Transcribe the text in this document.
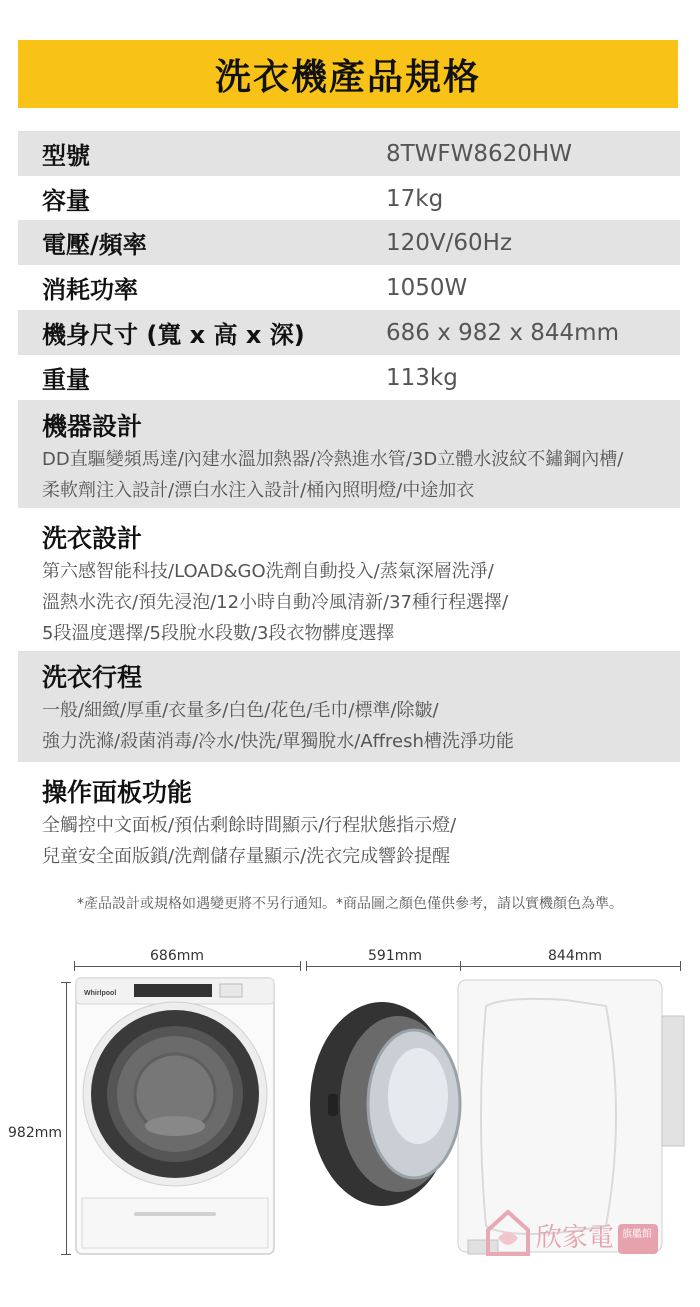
洗衣機產品規格
型號	8TWFW8620HW
容量	17kg
電壓/頻率	120V/60Hz
消耗功率	1050W
機身尺寸 (寬 x 高 x 深)	686 x 982 x 844mm
重量	113kg
機器設計
DD直驅變頻馬達/內建水溫加熱器/冷熱進水管/3D立體水波紋不鏽鋼內槽/
柔軟劑注入設計/漂白水注入設計/桶內照明燈/中途加衣
洗衣設計
第六感智能科技/LOAD&GO洗劑自動投入/蒸氣深層洗淨/
溫熱水洗衣/預先浸泡/12小時自動冷風清新/37種行程選擇/
5段溫度選擇/5段脫水段數/3段衣物髒度選擇
洗衣行程
一般/細緻/厚重/衣量多/白色/花色/毛巾/標準/除皺/
強力洗滌/殺菌消毒/冷水/快洗/單獨脫水/Affresh槽洗淨功能
操作面板功能
全觸控中文面板/預估剩餘時間顯示/行程狀態指示燈/
兒童安全面版鎖/洗劑儲存量顯示/洗衣完成響鈴提醒
*產品設計或規格如遇變更將不另行通知。*商品圖之顏色僅供參考，請以實機顏色為準。
686mm	591mm	844mm
982mm
Whirlpool
欣家電 旗艦館
